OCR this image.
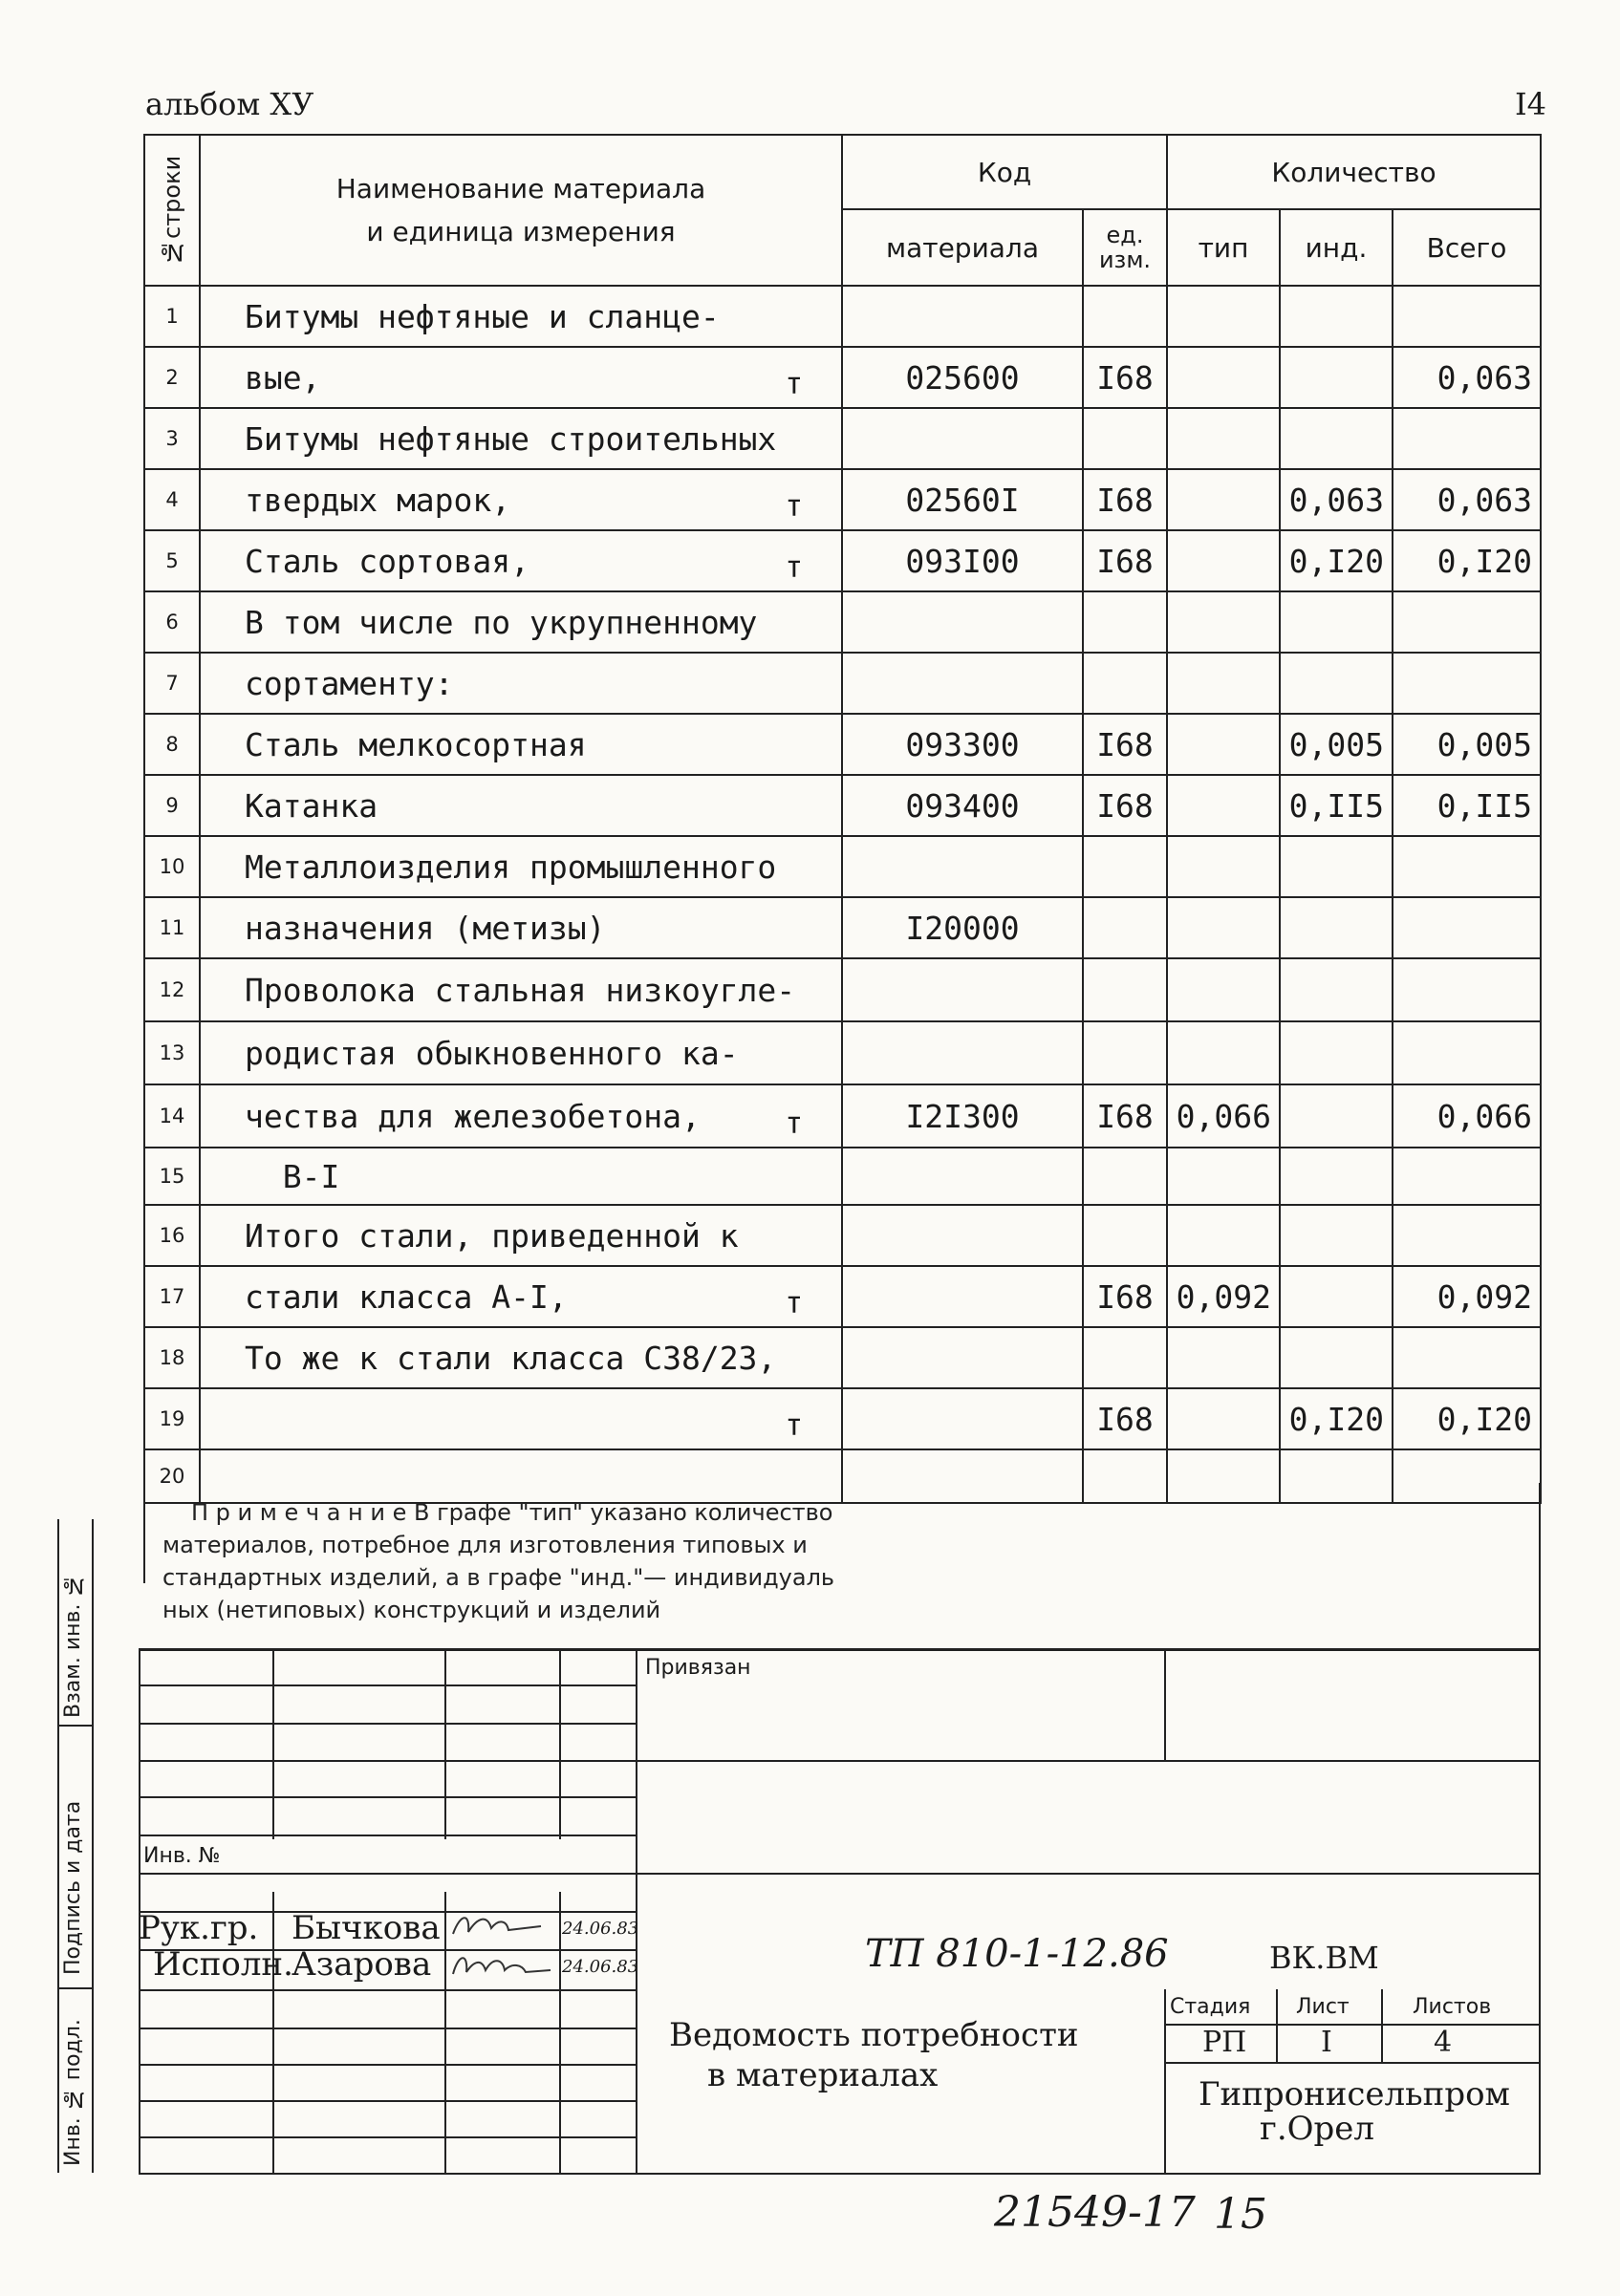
альбом ХУ	I4
№строки	Наименование материала
и единица измерения	Код		Количество		
		материала	ед. изм.	тип	инд.	Всего
1	Битумы нефтяные и сланце-

2	вые, т	025600	I68			0,063
3	Битумы нефтяные строительных

4	твердых марок, т	02560I	I68		0,063	0,063
5	Сталь сортовая, т	093I00	I68		0,I20	0,I20
6	В том числе по укрупненному

7	сортаменту:

8	Сталь мелкосортная	093300	I68		0,005	0,005
9	Катанка	093400	I68		0,II5	0,II5
10	Металлоизделия промышленного

11	назначения (метизы)	I20000				
12	Проволока стальная низкоугле-

13	родистая обыкновенного ка-

14	чества для железобетона, т	I2I300	I68	0,066		0,066
15	В-I

16	Итого стали, приведенной к

17	стали класса А-I, т		I68	0,092		0,092
18	То же к стали класса С38/23,

19	т		I68		0,I20	0,I20
20	

П р и м е ч а н и е В графе "тип" указано количество
материалов, потребное для изготовления типовых и
стандартных изделий, а в графе "инд."— индивидуаль
ных (нетиповых) конструкций и изделий
Взам. инв. №
Подпись и дата
Инв. № подл.
Привязан
Инв. №
Рук.гр. Бычкова	24.06.83
Исполн.
Азарова	24.06.83	ТП 810-1-12.86	ВК.ВМ
Ведомость потребности
в материалах
Стадия Лист	Листов
РП	I	4
Гипронисельпром
г.Орел
21549-17 15
